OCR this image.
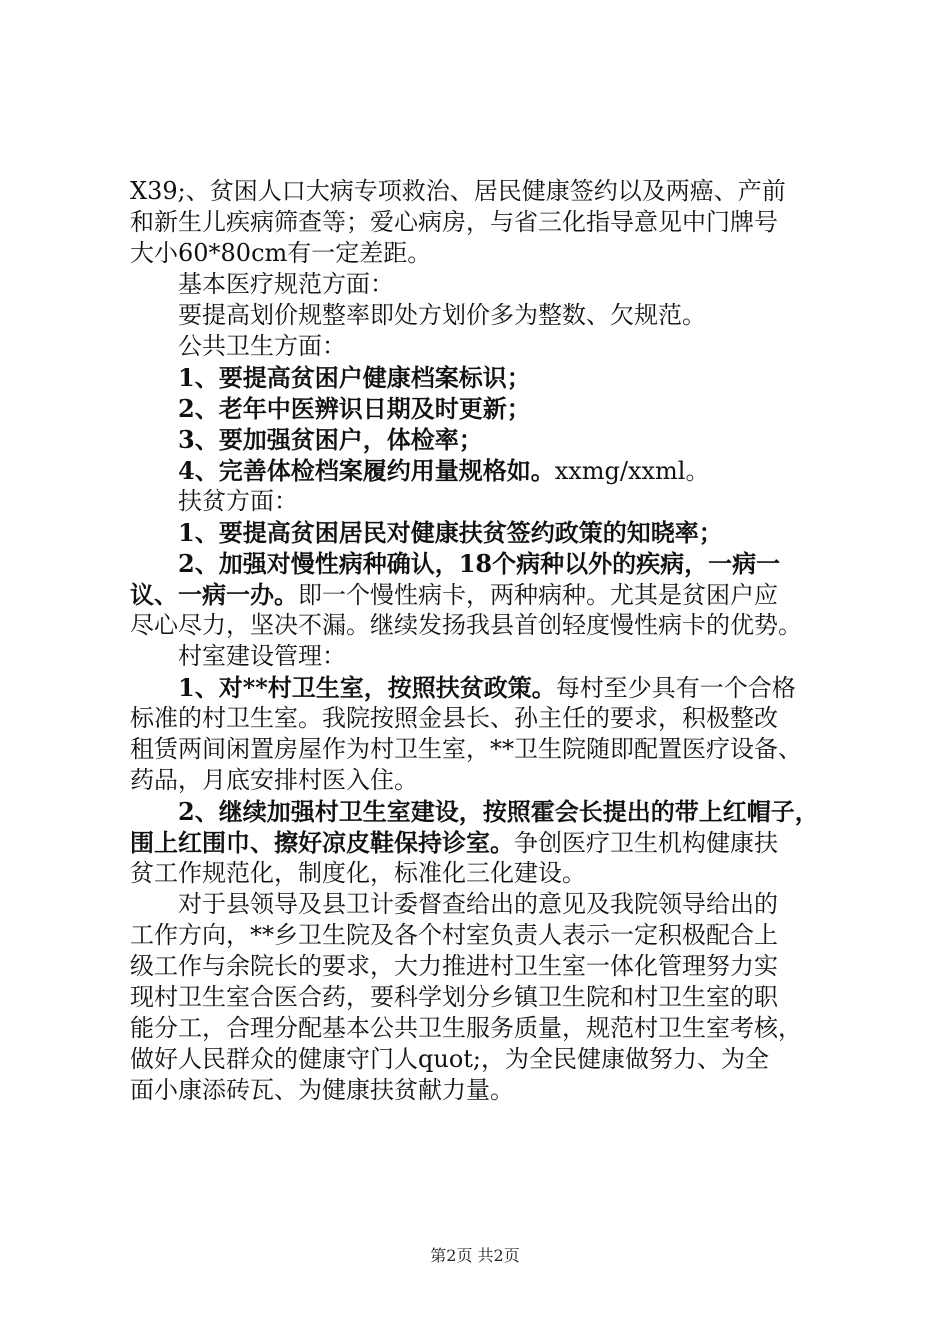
X39;、贫困人口大病专项救治、居民健康签约以及两癌、产前
和新生儿疾病筛查等；爱心病房，与省三化指导意见中门牌号
大小60*80cm有一定差距。
基本医疗规范方面：
要提高划价规整率即处方划价多为整数、欠规范。
公共卫生方面：
1、要提高贫困户健康档案标识；
2、老年中医辨识日期及时更新；
3、要加强贫困户，体检率；
4、完善体检档案履约用量规格如。xxmg/xxml。
扶贫方面：
1、要提高贫困居民对健康扶贫签约政策的知晓率；
2、加强对慢性病种确认，18个病种以外的疾病，一病一
议、一病一办。即一个慢性病卡，两种病种。尤其是贫困户应
尽心尽力，坚决不漏。继续发扬我县首创轻度慢性病卡的优势。
村室建设管理：
1、对**村卫生室，按照扶贫政策。每村至少具有一个合格
标准的村卫生室。我院按照金县长、孙主任的要求，积极整改
租赁两间闲置房屋作为村卫生室，**卫生院随即配置医疗设备、
药品，月底安排村医入住。
2、继续加强村卫生室建设，按照霍会长提出的带上红帽子，
围上红围巾、擦好凉皮鞋保持诊室。争创医疗卫生机构健康扶
贫工作规范化，制度化，标准化三化建设。
对于县领导及县卫计委督查给出的意见及我院领导给出的
工作方向，**乡卫生院及各个村室负责人表示一定积极配合上
级工作与余院长的要求，大力推进村卫生室一体化管理努力实
现村卫生室合医合药，要科学划分乡镇卫生院和村卫生室的职
能分工，合理分配基本公共卫生服务质量，规范村卫生室考核，
做好人民群众的健康守门人quot;，为全民健康做努力、为全
面小康添砖瓦、为健康扶贫献力量。
第2页 共2页
